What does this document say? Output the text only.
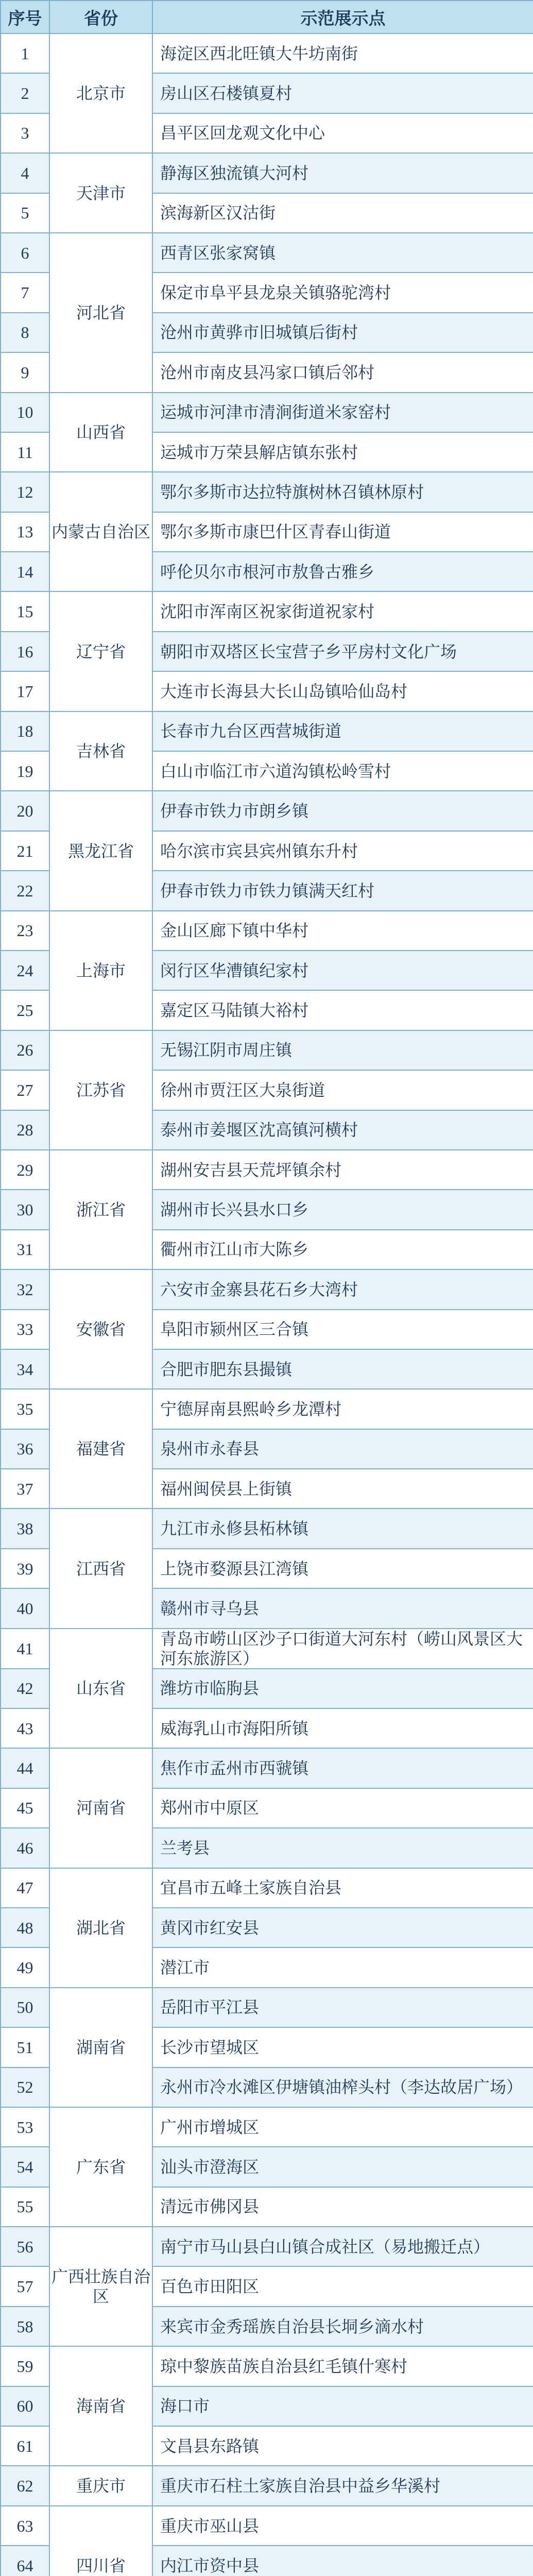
序号	省份	示范展示点
1	北京市	海淀区西北旺镇大牛坊南街
2		房山区石楼镇夏村
3		昌平区回龙观文化中心
4	天津市	静海区独流镇大河村
5		滨海新区汉沽街
6	河北省	西青区张家窝镇
7		保定市阜平县龙泉关镇骆驼湾村
8		沧州市黄骅市旧城镇后街村
9		沧州市南皮县冯家口镇后邻村
10	山西省	运城市河津市清涧街道米家窑村
11		运城市万荣县解店镇东张村
12	内蒙古自治区	鄂尔多斯市达拉特旗树林召镇林原村
13		鄂尔多斯市康巴什区青春山街道
14		呼伦贝尔市根河市敖鲁古雅乡
15	辽宁省	沈阳市浑南区祝家街道祝家村
16		朝阳市双塔区长宝营子乡平房村文化广场
17		大连市长海县大长山岛镇哈仙岛村
18	吉林省	长春市九台区西营城街道
19		白山市临江市六道沟镇松岭雪村
20	黑龙江省	伊春市铁力市朗乡镇
21		哈尔滨市宾县宾州镇东升村
22		伊春市铁力市铁力镇满天红村
23	上海市	金山区廊下镇中华村
24		闵行区华漕镇纪家村
25		嘉定区马陆镇大裕村
26	江苏省	无锡江阴市周庄镇
27		徐州市贾汪区大泉街道
28		泰州市姜堰区沈高镇河横村
29	浙江省	湖州安吉县天荒坪镇余村
30		湖州市长兴县水口乡
31		衢州市江山市大陈乡
32	安徽省	六安市金寨县花石乡大湾村
33		阜阳市颍州区三合镇
34		合肥市肥东县撮镇
35	福建省	宁德屏南县熙岭乡龙潭村
36		泉州市永春县
37		福州闽侯县上街镇
38	江西省	九江市永修县柘林镇
39		上饶市婺源县江湾镇
40		赣州市寻乌县
41	山东省	青岛市崂山区沙子口街道大河东村（崂山风景区大河东旅游区）
42		潍坊市临朐县
43		威海乳山市海阳所镇
44	河南省	焦作市孟州市西虢镇
45		郑州市中原区
46		兰考县
47	湖北省	宜昌市五峰土家族自治县
48		黄冈市红安县
49		潜江市
50	湖南省	岳阳市平江县
51		长沙市望城区
52		永州市冷水滩区伊塘镇油榨头村（李达故居广场）
53	广东省	广州市增城区
54		汕头市澄海区
55		清远市佛冈县
56	广西壮族自治区	南宁市马山县白山镇合成社区（易地搬迁点）
57		百色市田阳区
58		来宾市金秀瑶族自治县长垌乡滴水村
59	海南省	琼中黎族苗族自治县红毛镇什寒村
60		海口市
61		文昌县东路镇
62	重庆市	重庆市石柱土家族自治县中益乡华溪村
63	四川省	重庆市巫山县
64		内江市资中县
